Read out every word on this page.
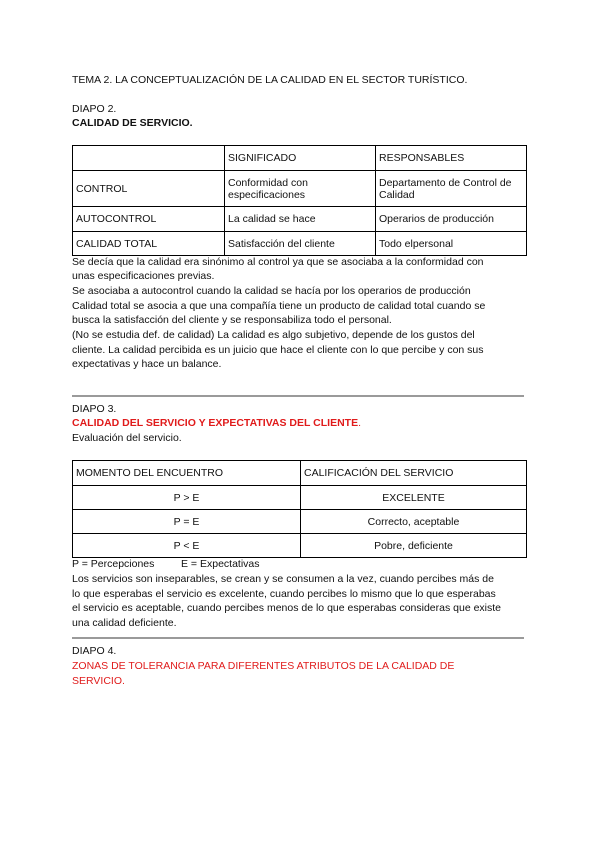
TEMA 2. LA CONCEPTUALIZACIÓN DE LA CALIDAD EN EL SECTOR TURÍSTICO.
DIAPO 2.
CALIDAD DE SERVICIO.
	SIGNIFICADO	RESPONSABLES
CONTROL	Conformidad con especificaciones	Departamento de Control de Calidad
AUTOCONTROL	La calidad se hace	Operarios de producción
CALIDAD TOTAL	Satisfacción del cliente	Todo elpersonal
Se decía que la calidad era sinónimo al control ya que se asociaba a la conformidad con
unas especificaciones previas.
Se asociaba a autocontrol cuando la calidad se hacía por los operarios de producción
Calidad total se asocia a que una compañía tiene un producto de calidad total cuando se
busca la satisfacción del cliente y se responsabiliza todo el personal.
(No se estudia def. de calidad) La calidad es algo subjetivo, depende de los gustos del
cliente. La calidad percibida es un juicio que hace el cliente con lo que percibe y con sus
expectativas y hace un balance.
DIAPO 3.
CALIDAD DEL SERVICIO Y EXPECTATIVAS DEL CLIENTE.
Evaluación del servicio.
MOMENTO DEL ENCUENTRO	CALIFICACIÓN DEL SERVICIO
P > E	EXCELENTE
P = E	Correcto, aceptable
P < E	Pobre, deficiente
P = Percepciones	E = Expectativas
Los servicios son inseparables, se crean y se consumen a la vez, cuando percibes más de
lo que esperabas el servicio es excelente, cuando percibes lo mismo que lo que esperabas
el servicio es aceptable, cuando percibes menos de lo que esperabas consideras que existe
una calidad deficiente.
DIAPO 4.
ZONAS DE TOLERANCIA PARA DIFERENTES ATRIBUTOS DE LA CALIDAD DE
SERVICIO.
